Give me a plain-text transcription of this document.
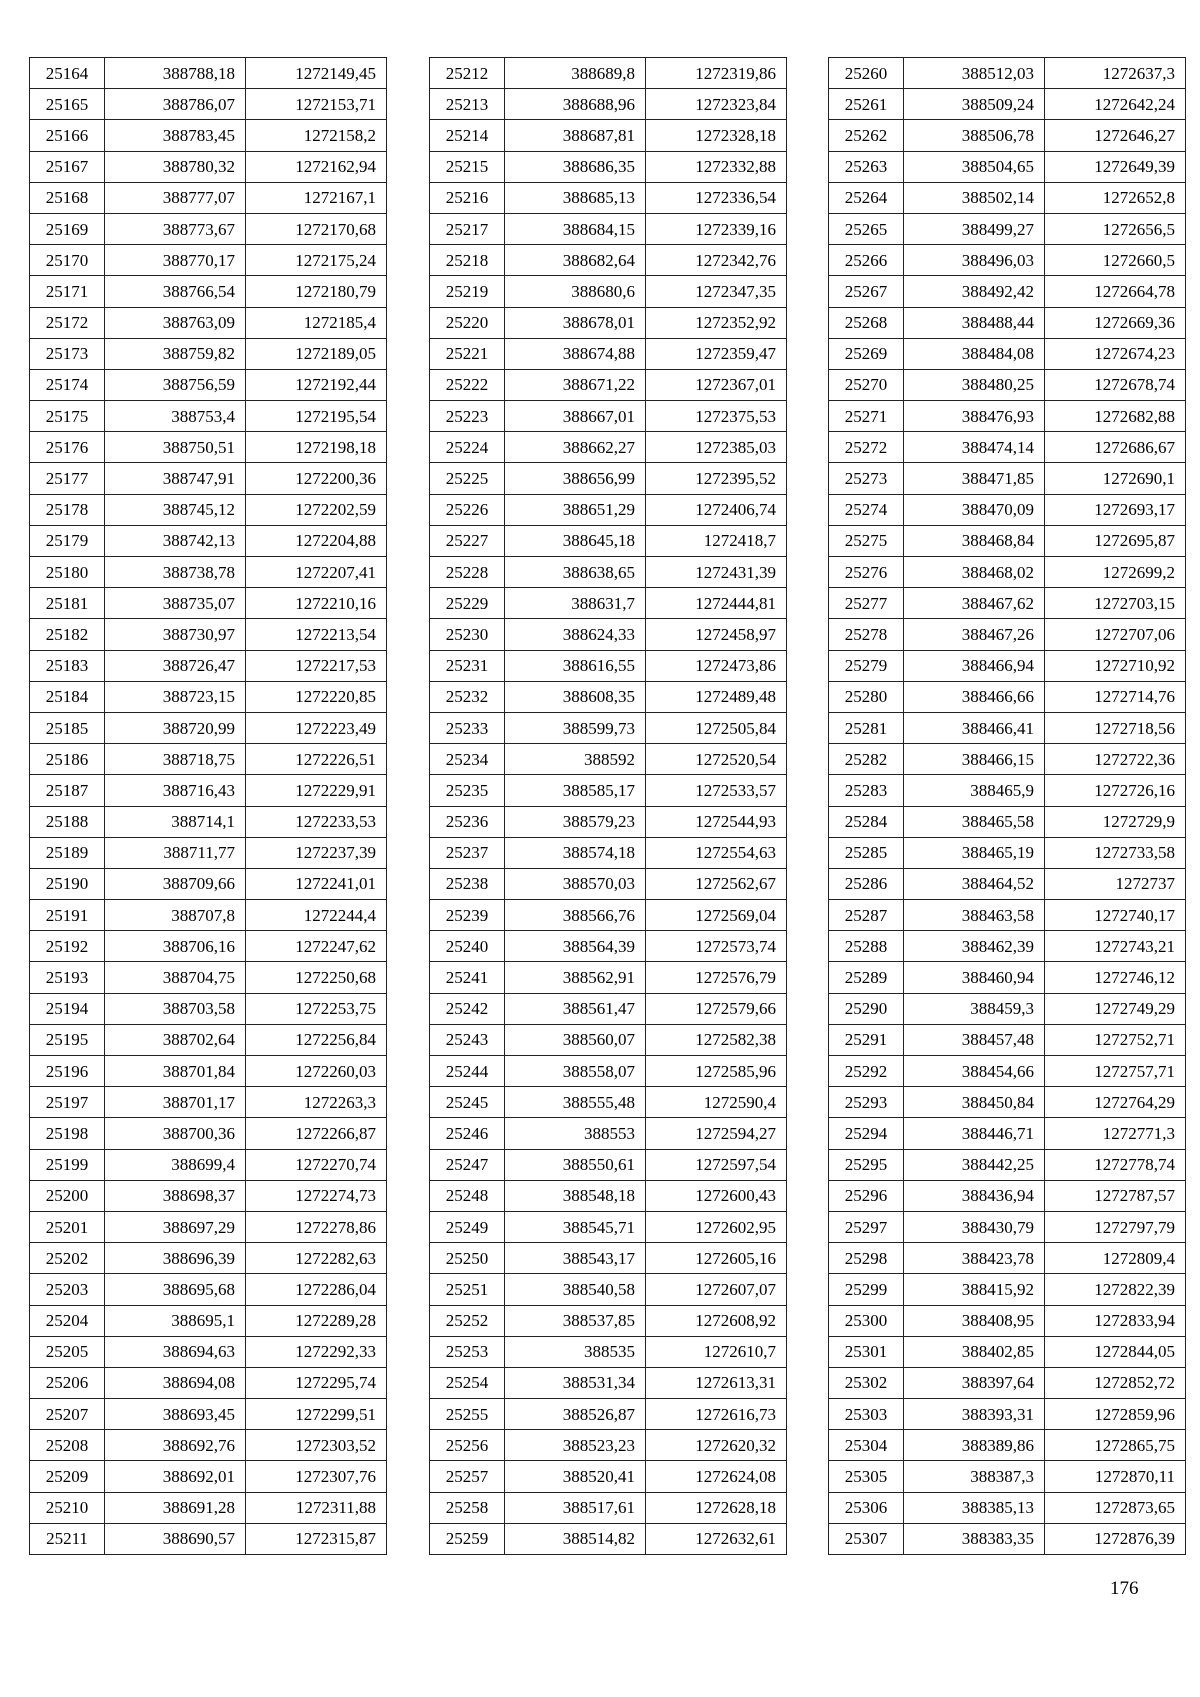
25164	388788,18	1272149,45
25165	388786,07	1272153,71
25166	388783,45	1272158,2
25167	388780,32	1272162,94
25168	388777,07	1272167,1
25169	388773,67	1272170,68
25170	388770,17	1272175,24
25171	388766,54	1272180,79
25172	388763,09	1272185,4
25173	388759,82	1272189,05
25174	388756,59	1272192,44
25175	388753,4	1272195,54
25176	388750,51	1272198,18
25177	388747,91	1272200,36
25178	388745,12	1272202,59
25179	388742,13	1272204,88
25180	388738,78	1272207,41
25181	388735,07	1272210,16
25182	388730,97	1272213,54
25183	388726,47	1272217,53
25184	388723,15	1272220,85
25185	388720,99	1272223,49
25186	388718,75	1272226,51
25187	388716,43	1272229,91
25188	388714,1	1272233,53
25189	388711,77	1272237,39
25190	388709,66	1272241,01
25191	388707,8	1272244,4
25192	388706,16	1272247,62
25193	388704,75	1272250,68
25194	388703,58	1272253,75
25195	388702,64	1272256,84
25196	388701,84	1272260,03
25197	388701,17	1272263,3
25198	388700,36	1272266,87
25199	388699,4	1272270,74
25200	388698,37	1272274,73
25201	388697,29	1272278,86
25202	388696,39	1272282,63
25203	388695,68	1272286,04
25204	388695,1	1272289,28
25205	388694,63	1272292,33
25206	388694,08	1272295,74
25207	388693,45	1272299,51
25208	388692,76	1272303,52
25209	388692,01	1272307,76
25210	388691,28	1272311,88
25211	388690,57	1272315,87
25212	388689,8	1272319,86
25213	388688,96	1272323,84
25214	388687,81	1272328,18
25215	388686,35	1272332,88
25216	388685,13	1272336,54
25217	388684,15	1272339,16
25218	388682,64	1272342,76
25219	388680,6	1272347,35
25220	388678,01	1272352,92
25221	388674,88	1272359,47
25222	388671,22	1272367,01
25223	388667,01	1272375,53
25224	388662,27	1272385,03
25225	388656,99	1272395,52
25226	388651,29	1272406,74
25227	388645,18	1272418,7
25228	388638,65	1272431,39
25229	388631,7	1272444,81
25230	388624,33	1272458,97
25231	388616,55	1272473,86
25232	388608,35	1272489,48
25233	388599,73	1272505,84
25234	388592	1272520,54
25235	388585,17	1272533,57
25236	388579,23	1272544,93
25237	388574,18	1272554,63
25238	388570,03	1272562,67
25239	388566,76	1272569,04
25240	388564,39	1272573,74
25241	388562,91	1272576,79
25242	388561,47	1272579,66
25243	388560,07	1272582,38
25244	388558,07	1272585,96
25245	388555,48	1272590,4
25246	388553	1272594,27
25247	388550,61	1272597,54
25248	388548,18	1272600,43
25249	388545,71	1272602,95
25250	388543,17	1272605,16
25251	388540,58	1272607,07
25252	388537,85	1272608,92
25253	388535	1272610,7
25254	388531,34	1272613,31
25255	388526,87	1272616,73
25256	388523,23	1272620,32
25257	388520,41	1272624,08
25258	388517,61	1272628,18
25259	388514,82	1272632,61
25260	388512,03	1272637,3
25261	388509,24	1272642,24
25262	388506,78	1272646,27
25263	388504,65	1272649,39
25264	388502,14	1272652,8
25265	388499,27	1272656,5
25266	388496,03	1272660,5
25267	388492,42	1272664,78
25268	388488,44	1272669,36
25269	388484,08	1272674,23
25270	388480,25	1272678,74
25271	388476,93	1272682,88
25272	388474,14	1272686,67
25273	388471,85	1272690,1
25274	388470,09	1272693,17
25275	388468,84	1272695,87
25276	388468,02	1272699,2
25277	388467,62	1272703,15
25278	388467,26	1272707,06
25279	388466,94	1272710,92
25280	388466,66	1272714,76
25281	388466,41	1272718,56
25282	388466,15	1272722,36
25283	388465,9	1272726,16
25284	388465,58	1272729,9
25285	388465,19	1272733,58
25286	388464,52	1272737
25287	388463,58	1272740,17
25288	388462,39	1272743,21
25289	388460,94	1272746,12
25290	388459,3	1272749,29
25291	388457,48	1272752,71
25292	388454,66	1272757,71
25293	388450,84	1272764,29
25294	388446,71	1272771,3
25295	388442,25	1272778,74
25296	388436,94	1272787,57
25297	388430,79	1272797,79
25298	388423,78	1272809,4
25299	388415,92	1272822,39
25300	388408,95	1272833,94
25301	388402,85	1272844,05
25302	388397,64	1272852,72
25303	388393,31	1272859,96
25304	388389,86	1272865,75
25305	388387,3	1272870,11
25306	388385,13	1272873,65
25307	388383,35	1272876,39
176
